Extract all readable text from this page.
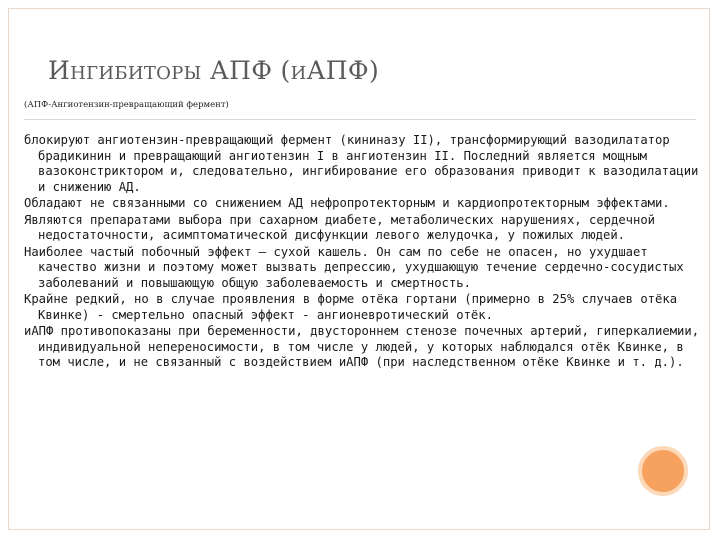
ИНГИБИТОРЫ АПФ (ИАПФ)
(АПФ-Ангиотензин-превращающий фермент)

блокируют ангиотензин-превращающий фермент (кининазу II), трансформирующий вазодилататор брадикинин и превращающий ангиотензин I в ангиотензин II. Последний является мощным вазоконстриктором и, следовательно, ингибирование его образования приводит к вазодилатации и снижению АД.

Обладают не связанными со снижением АД нефропротекторным и кардиопротекторным эффектами.

Являются препаратами выбора при сахарном диабете, метаболических нарушениях, сердечной недостаточности, асимптоматической дисфункции левого желудочка, у пожилых людей.

Наиболее частый побочный эффект — сухой кашель. Он сам по себе не опасен, но ухудшает качество жизни и поэтому может вызвать депрессию, ухудшающую течение сердечно-сосудистых заболеваний и повышающую общую заболеваемость и смертность.

Крайне редкий, но в случае проявления в форме отёка гортани (примерно в 25% случаев отёка Квинке) - смертельно опасный эффект - ангионевротический отёк.

иАПФ противопоказаны при беременности, двустороннем стенозе почечных артерий, гиперкалиемии, индивидуальной непереносимости, в том числе у людей, у которых наблюдался отёк Квинке, в том числе, и не связанный с воздействием иАПФ (при наследственном отёке Квинке и т. д.).
